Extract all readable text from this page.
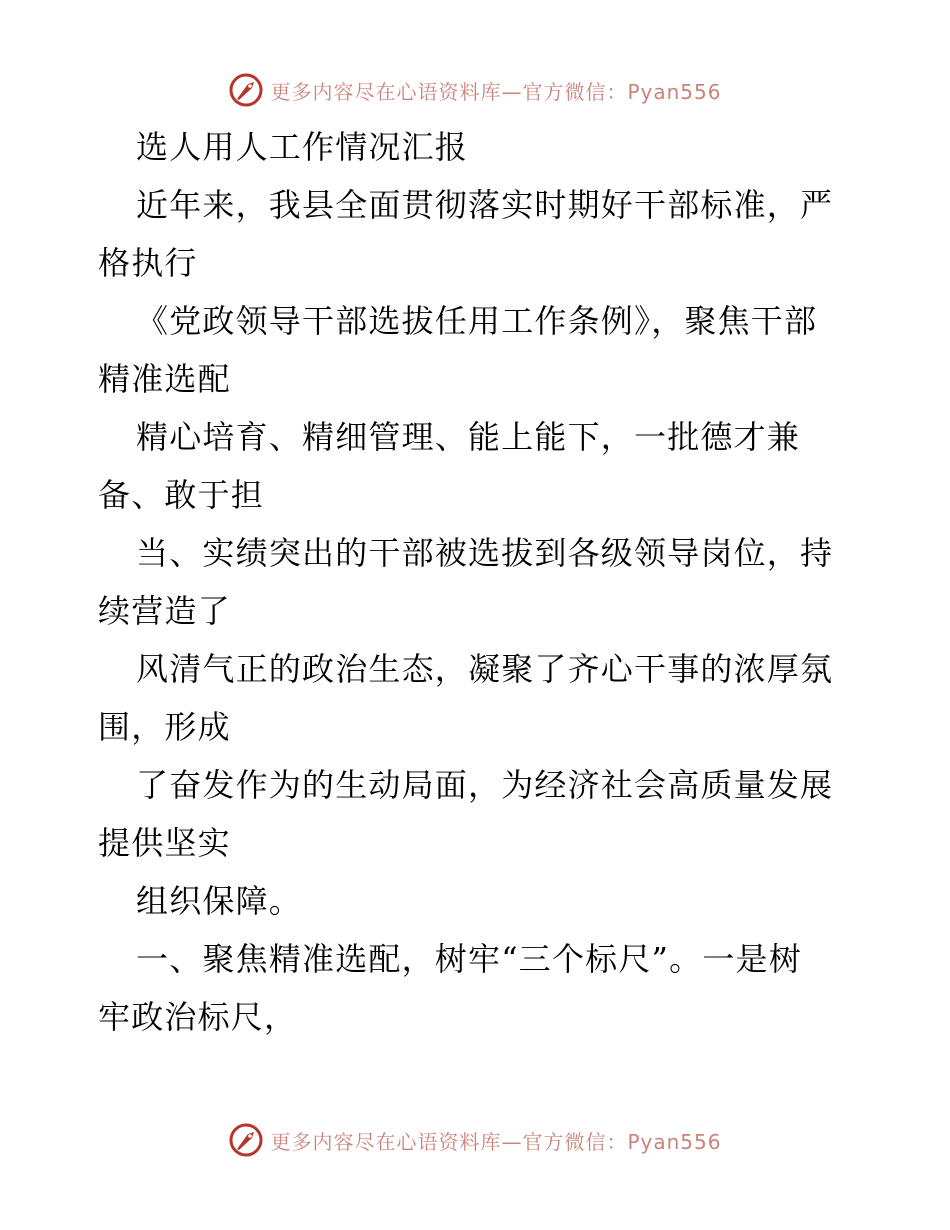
更多内容尽在心语资料库—官方微信：Pyan556
选人用人工作情况汇报
近年来，我县全面贯彻落实时期好干部标准，严
格执行
《党政领导干部选拔任用工作条例》，聚焦干部
精准选配
精心培育、精细管理、能上能下，一批德才兼
备、敢于担
当、实绩突出的干部被选拔到各级领导岗位，持
续营造了
风清气正的政治生态，凝聚了齐心干事的浓厚氛
围，形成
了奋发作为的生动局面，为经济社会高质量发展
提供坚实
组织保障。
一、聚焦精准选配，树牢“三个标尺”。一是树
牢政治标尺，
更多内容尽在心语资料库—官方微信：Pyan556
